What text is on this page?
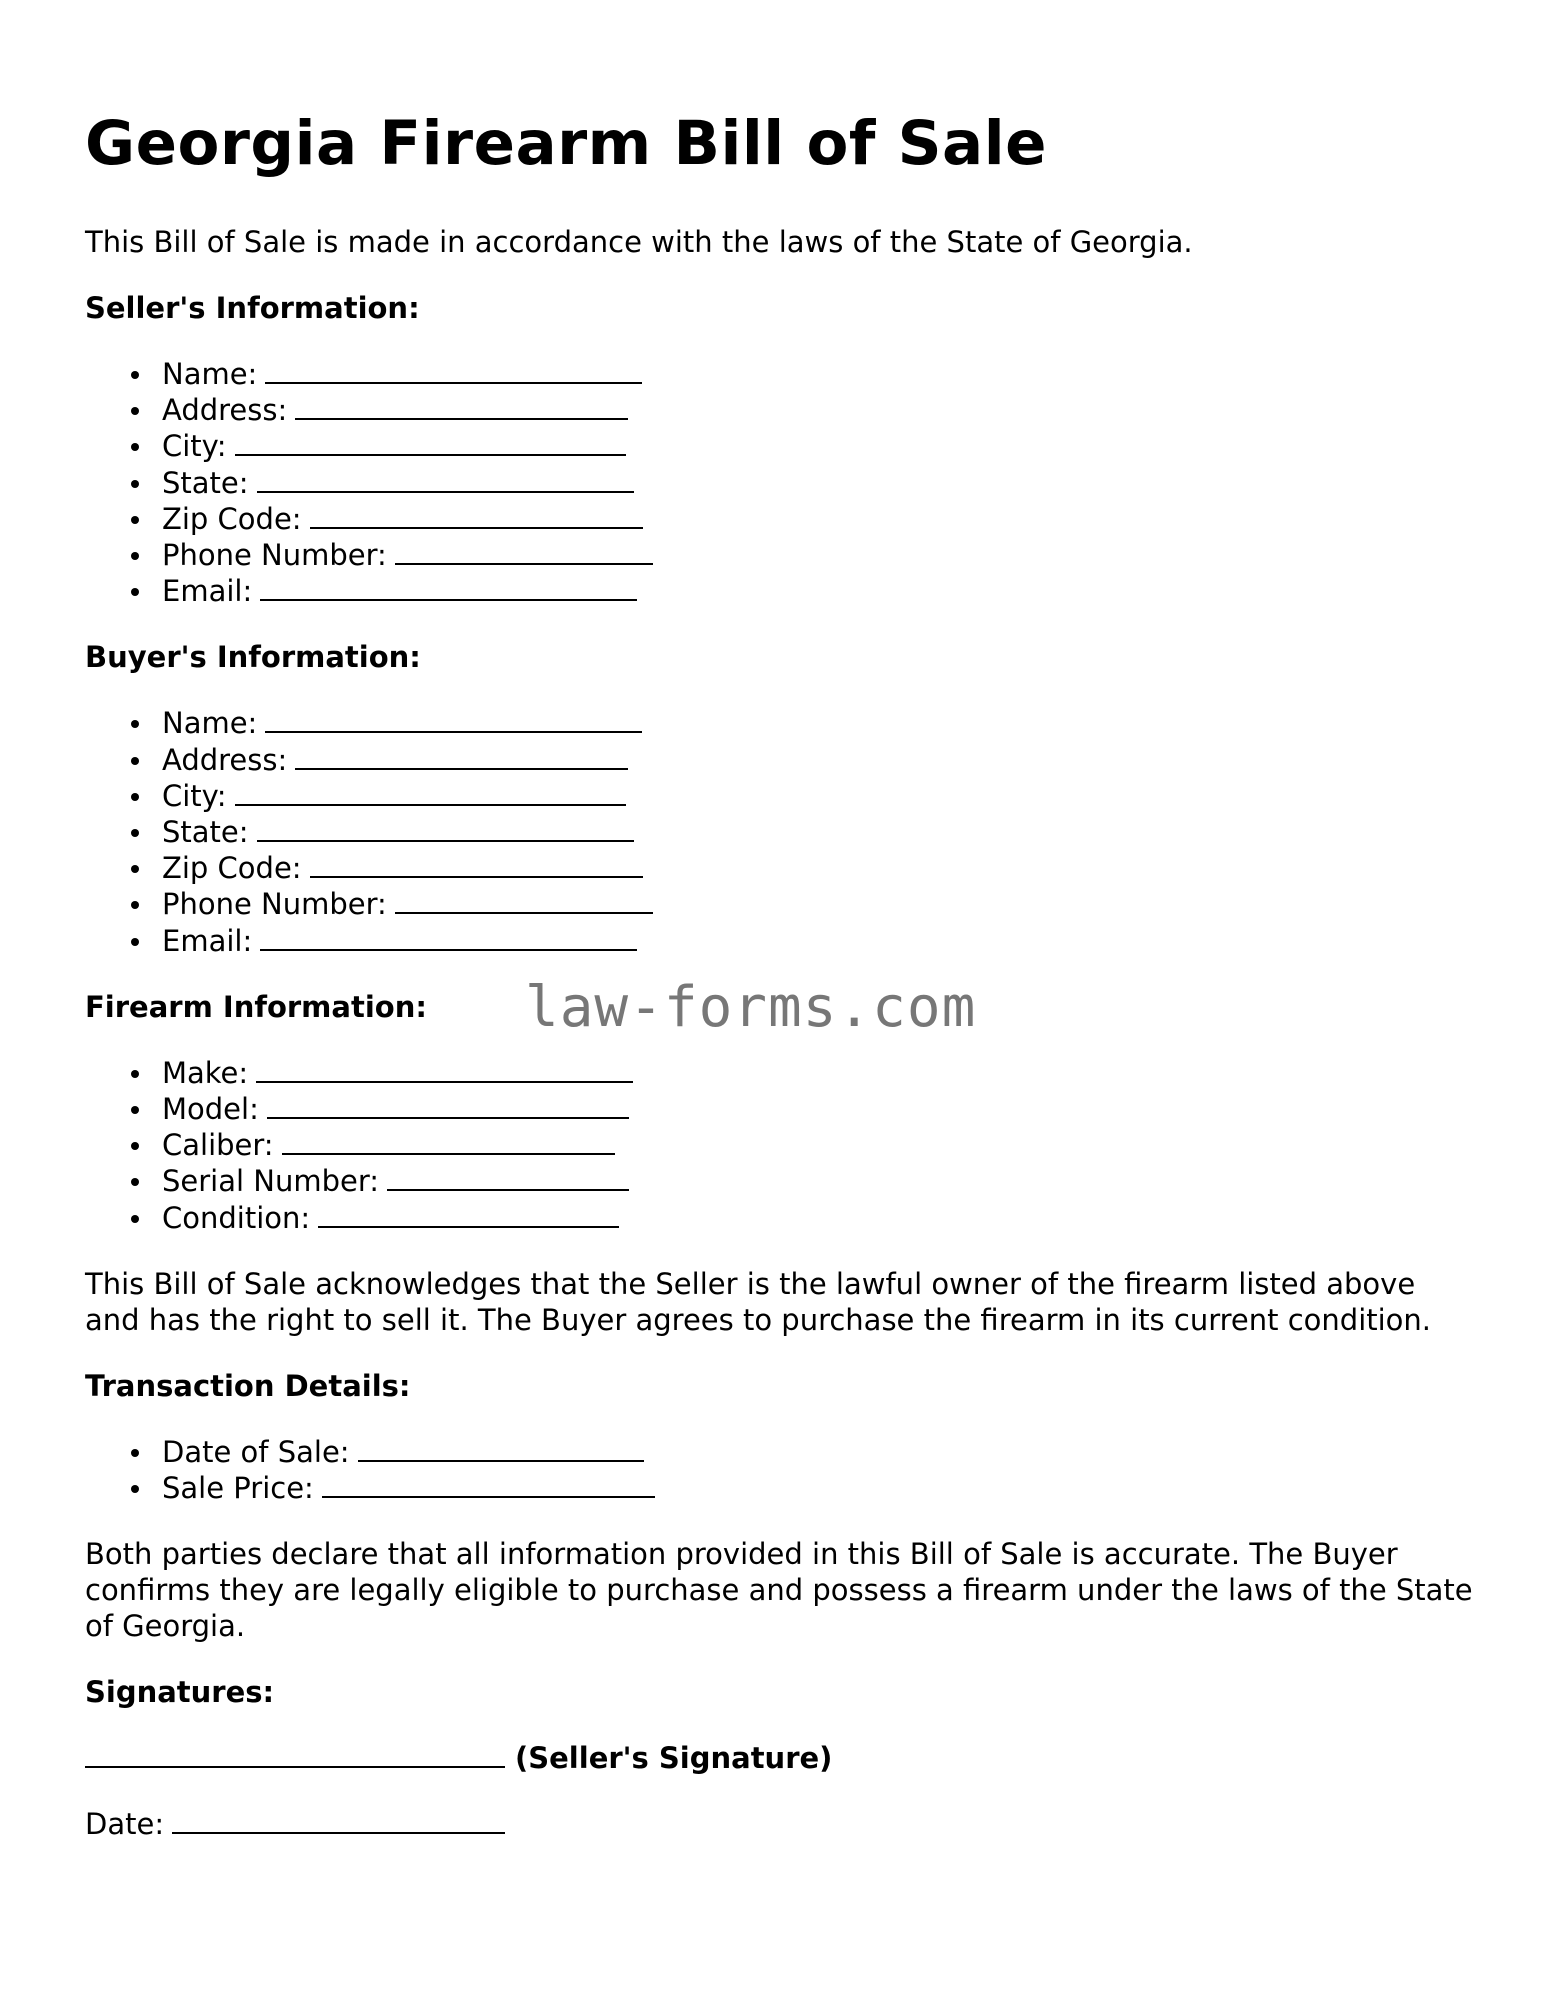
Georgia Firearm Bill of Sale

This Bill of Sale is made in accordance with the laws of the State of Georgia.

Seller's Information:

Name:
Address:
City:
State:
Zip Code:
Phone Number:
Email:

Buyer's Information:

Name:
Address:
City:
State:
Zip Code:
Phone Number:
Email:

Firearm Information:

Make:
Model:
Caliber:
Serial Number:
Condition:

This Bill of Sale acknowledges that the Seller is the lawful owner of the firearm listed above and has the right to sell it. The Buyer agrees to purchase the firearm in its current condition.

Transaction Details:

Date of Sale:
Sale Price:

Both parties declare that all information provided in this Bill of Sale is accurate. The Buyer confirms they are legally eligible to purchase and possess a firearm under the laws of the State of Georgia.

Signatures:

(Seller's Signature)
Date:
law-forms.com
